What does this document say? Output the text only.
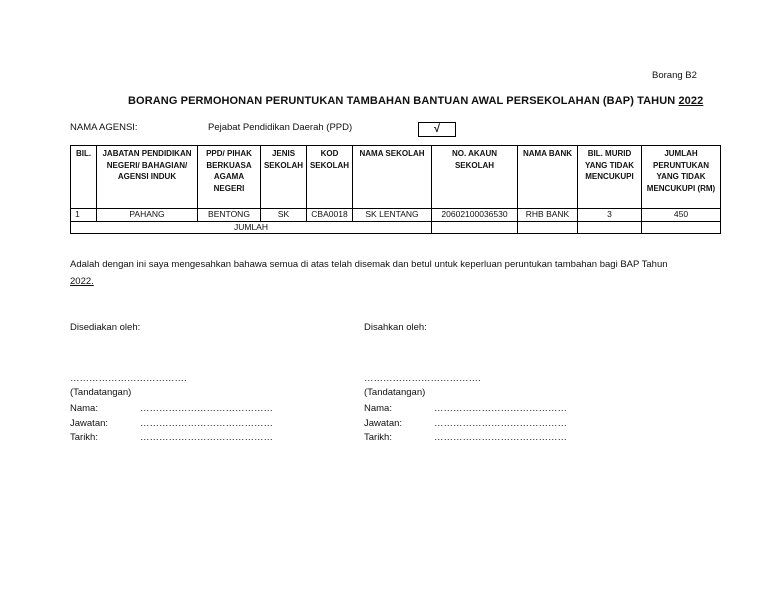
Borang B2
BORANG PERMOHONAN PERUNTUKAN TAMBAHAN BANTUAN AWAL PERSEKOLAHAN (BAP) TAHUN 2022
NAMA AGENSI:	Pejabat Pendidikan Daerah (PPD)	√
BIL.	JABATAN PENDIDIKAN NEGERI/ BAHAGIAN/ AGENSI INDUK	PPD/ PIHAK BERKUASA AGAMA NEGERI	JENIS SEKOLAH	KOD SEKOLAH	NAMA SEKOLAH	NO. AKAUN SEKOLAH	NAMA BANK	BIL. MURID YANG TIDAK MENCUKUPI	JUMLAH PERUNTUKAN YANG TIDAK MENCUKUPI (RM)
1	PAHANG	BENTONG	SK	CBA0018	SK LENTANG	20602100036530	RHB BANK	3	450
JUMLAH									
Adalah dengan ini saya mengesahkan bahawa semua di atas telah disemak dan betul untuk keperluan peruntukan tambahan bagi BAP Tahun
2022.
Disediakan oleh:
……………………………….
(Tandatangan)
Nama:	……………………………………
Jawatan:	……………………………………
Tarikh:	……………………………………
Disahkan oleh:
……………………………….
(Tandatangan)
Nama:	……………………………………
Jawatan:	……………………………………
Tarikh:	……………………………………
